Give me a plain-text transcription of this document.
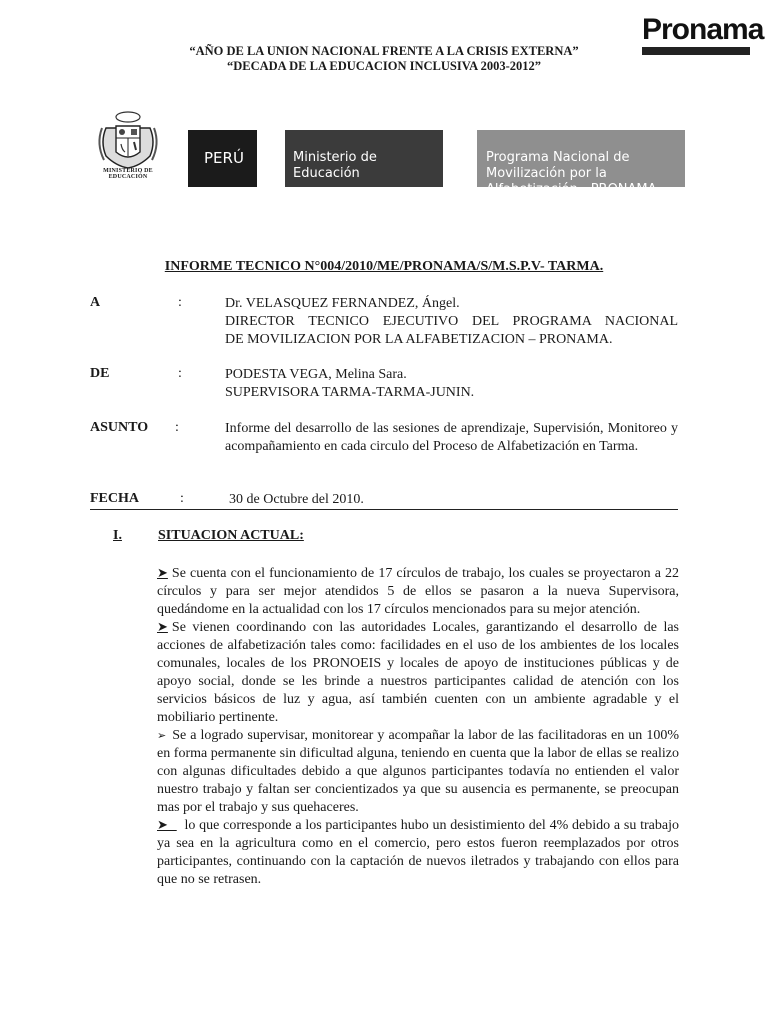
“AÑO DE LA UNION NACIONAL FRENTE A LA CRISIS EXTERNA”
“DECADA DE LA EDUCACION INCLUSIVA 2003-2012”
Pronama
MINISTERIO DE EDUCACIÓN
PERÚ	Ministerio de Educación
Programa Nacional de Movilización por la Alfabetización - PRONAMA
INFORME TECNICO N°004/2010/ME/PRONAMA/S/M.S.P.V- TARMA.
A	:	Dr. VELASQUEZ FERNANDEZ, Ángel.
DIRECTOR TECNICO EJECUTIVO DEL PROGRAMA NACIONAL
DE MOVILIZACION POR LA ALFABETIZACION – PRONAMA.
DE	:	PODESTA VEGA, Melina Sara.
SUPERVISORA TARMA-TARMA-JUNIN.
ASUNTO :	Informe del desarrollo de las sesiones de aprendizaje, Supervisión, Monitoreo y acompañamiento en cada circulo del Proceso de Alfabetización en Tarma.
FECHA	:	30 de Octubre del 2010.
I.	SITUACION ACTUAL:

➤ Se cuenta con el funcionamiento de 17 círculos de trabajo, los cuales se proyectaron a 22 círculos y para ser mejor atendidos 5 de ellos se pasaron a la nueva Supervisora, quedándome en la actualidad con los 17 círculos mencionados para su mejor atención.

➤ Se vienen coordinando con las autoridades Locales, garantizando el desarrollo de las acciones de alfabetización tales como: facilidades en el uso de los ambientes de los locales comunales, locales de los PRONOEIS y locales de apoyo de instituciones públicas y de apoyo social, donde se les brinde a nuestros participantes calidad de atención con los servicios básicos de luz y agua, así también cuenten con un ambiente agradable y el mobiliario pertinente.

➢ Se a logrado supervisar, monitorear y acompañar la labor de las facilitadoras en un 100% en forma permanente sin dificultad alguna, teniendo en cuenta que la labor de ellas se realizo con algunas dificultades debido a que algunos participantes todavía no entienden el valor nuestro trabajo y faltan ser concientizados ya que su ausencia es permanente, se preocupan mas por el trabajo y sus quehaceres.

➤   lo que corresponde a los participantes hubo un desistimiento del 4% debido a su trabajo ya sea en la agricultura como en el comercio, pero estos fueron reemplazados por otros participantes, continuando con la captación de nuevos iletrados y trabajando con ellos para que no se retrasen.
